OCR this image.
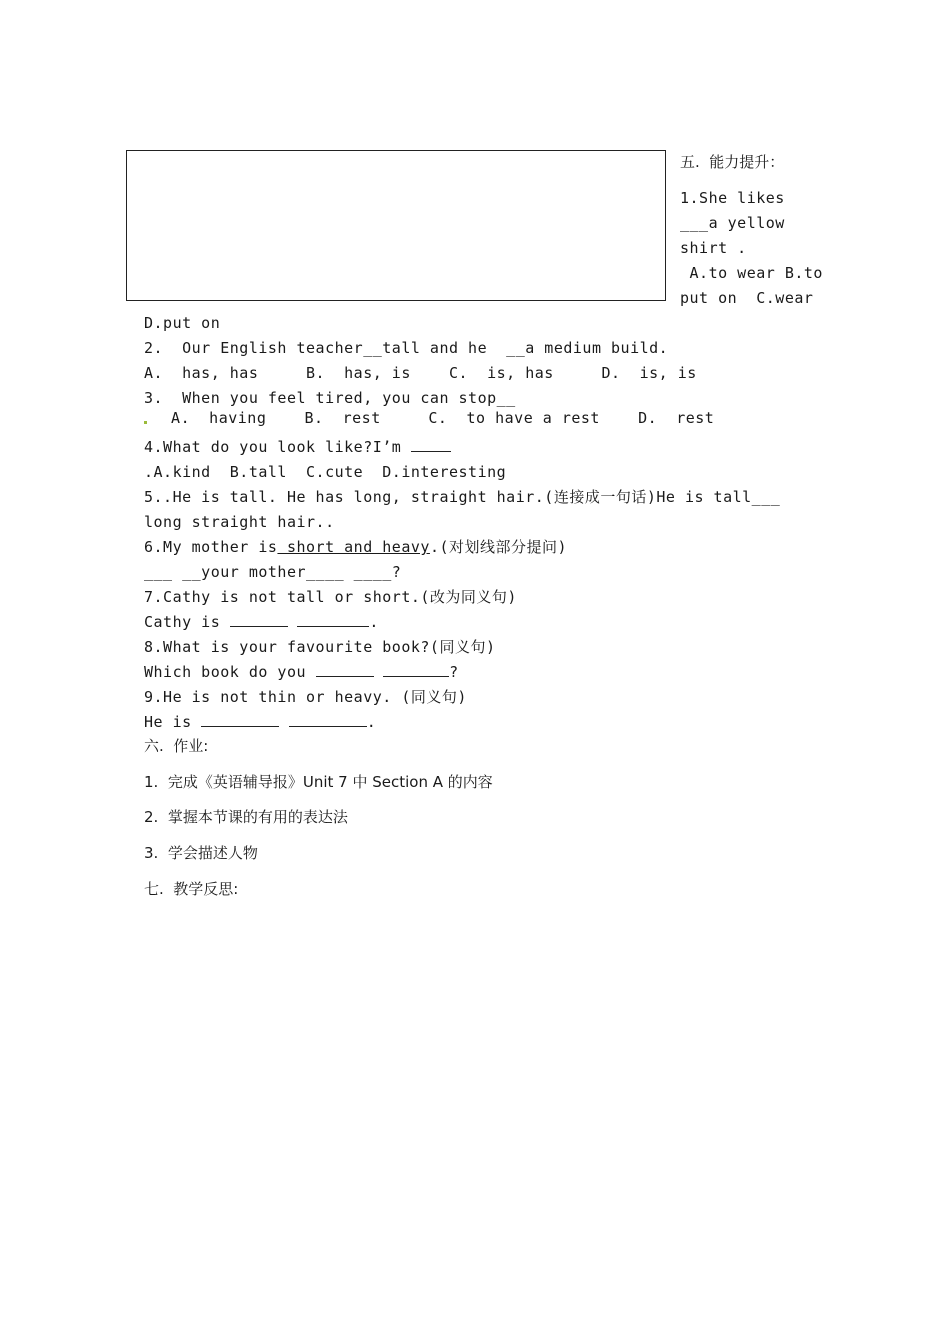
五.  能力提升：
1.She likes
___a yellow
shirt .
A.to wear B.to
put on  C.wear
D.put on
2.  Our English teacher__tall and he  __a medium build.
A.  has, has     B.  has, is    C.  is, has     D.  is, is
3.  When you feel tired, you can stop__
A.  having    B.  rest     C.  to have a rest    D.  rest
4.What do you look like?I’m
.A.kind  B.tall  C.cute  D.interesting
5..He is tall. He has long, straight hair.(连接成一句话)He is tall___
long straight hair..
6.My mother is short and heavy.(对划线部分提问)
___ __your mother____ ____?
7.Cathy is not tall or short.(改为同义句)
Cathy is	.
8.What is your favourite book?(同义句)
Which book do you	?
9.He is not thin or heavy. (同义句)
He is	.
六.  作业:
1.  完成《英语辅导报》Unit 7 中 Section A 的内容
2.  掌握本节课的有用的表达法
3.  学会描述人物
七.  教学反思:
